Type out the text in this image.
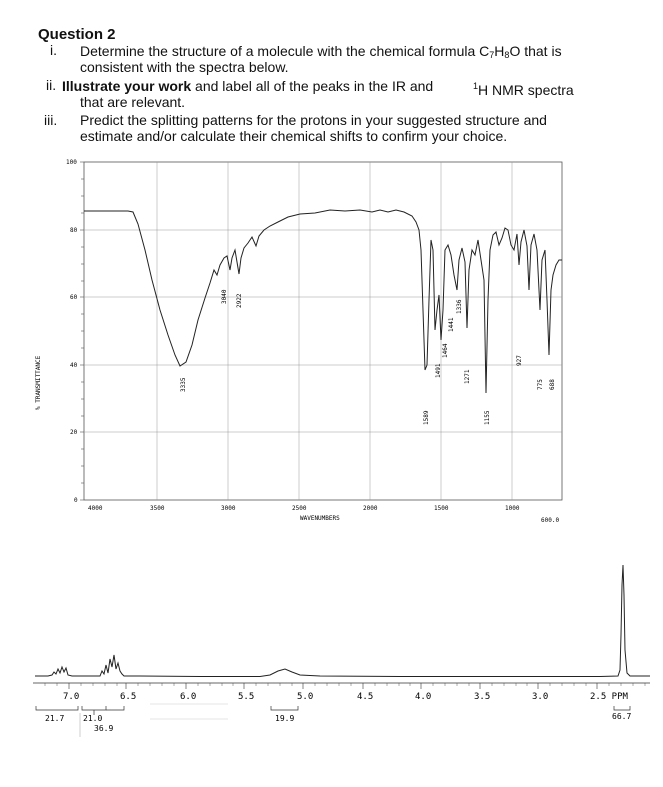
Question 2
i. Determine the structure of a molecule with the chemical formula $C_7H_8O$ that is
consistent with the spectra below.
ii. Illustrate your work and label all of the peaks in the IR and	$^1$H NMR spectra
that are relevant.
iii. Predict the splitting patterns for the protons in your suggested structure and
estimate and/or calculate their chemical shifts to confirm your choice.
100
80
60
40
20
0
% TRANSMITTANCE
4000	3500	3000	2500	2000	1500	1000
600.0
WAVENUMBERS
3335
3040 2922
1589
1491
1464
1441
1336
1271
1155
927
775 688
7.0	6.5	6.0	5.5	5.0	4.5	4.0	3.5	3.0	2.5 PPM
21.7 21.0
36.9
19.9	66.7
